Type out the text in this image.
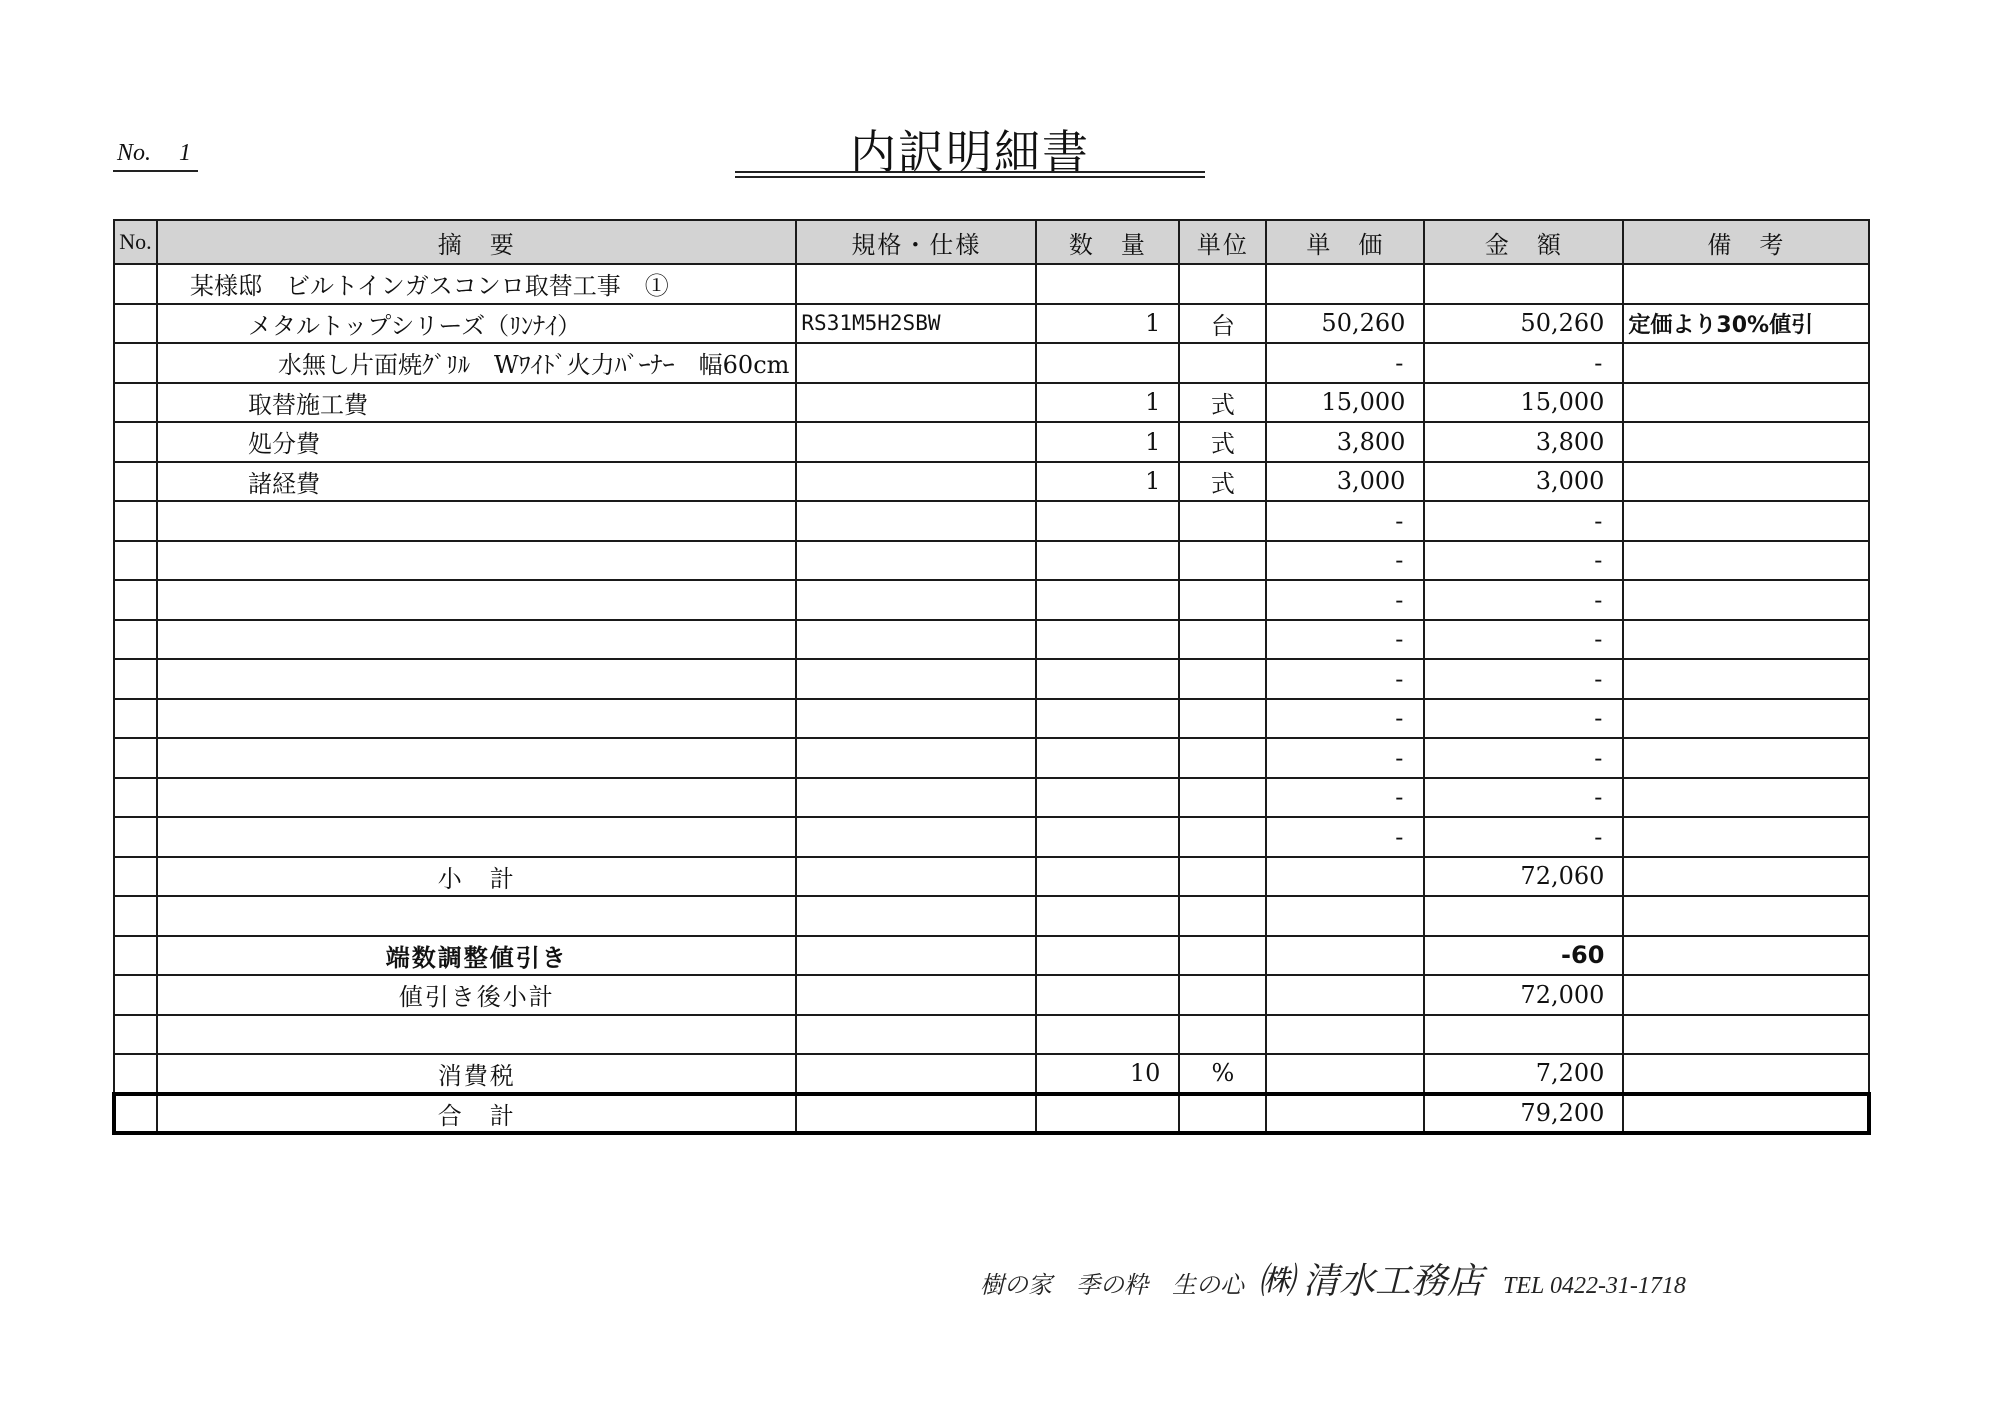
No. 1	内訳明細書
No.	摘　要	規格・仕様	数　量	単位	単　価	金　額	備　考
	某様邸　ビルトインガスコンロ取替工事　①						
	メタルトップシリーズ（ﾘﾝﾅｲ）	RS31M5H2SBW	1	台	50,260	50,260	定価より30%値引
	水無し片面焼ｸﾞﾘﾙ　Wﾜｲﾄﾞ火力ﾊﾞｰﾅｰ　幅60cm				-	-	
	取替施工費		1	式	15,000	15,000	
	処分費		1	式	3,800	3,800	
	諸経費		1	式	3,000	3,000	
					-	-	
					-	-	
					-	-	
					-	-	
					-	-	
					-	-	
					-	-	
					-	-	
					-	-	
	小　計					72,060	

	端数調整値引き					-60	
	値引き後小計					72,000	

	消費税		10	%		7,200	
	合　計					79,200	
樹の家　季の粋　生の心 ㈱ 清水工務店 TEL 0422-31-1718
